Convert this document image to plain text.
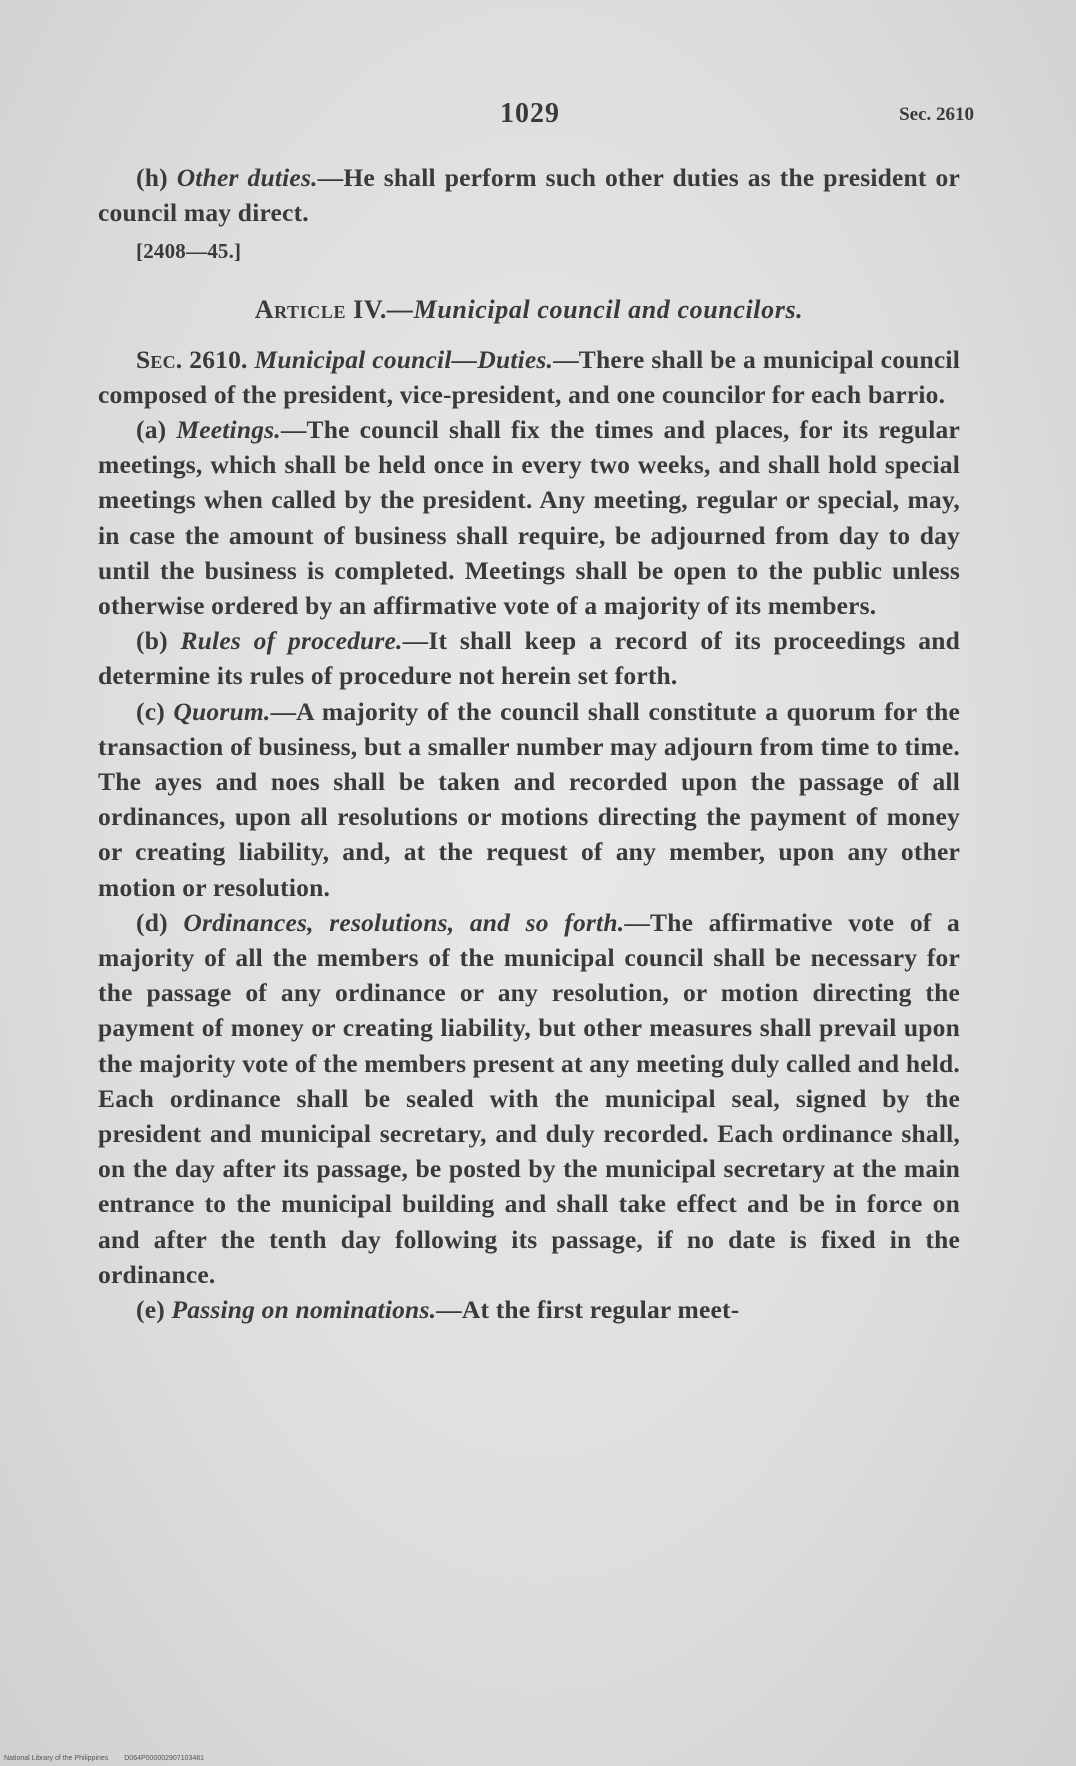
1029	Sec. 2610

(h) Other duties.—He shall perform such other duties as the president or council may direct.

[2408—45.]

Article IV.—Municipal council and councilors.

Sec. 2610. Municipal council—Duties.—There shall be a municipal council composed of the president, vice-president, and one councilor for each barrio.

(a) Meetings.—The council shall fix the times and places, for its regular meetings, which shall be held once in every two weeks, and shall hold special meetings when called by the president. Any meeting, regular or special, may, in case the amount of business shall require, be adjourned from day to day until the business is completed. Meetings shall be open to the public unless otherwise ordered by an affirmative vote of a majority of its members.

(b) Rules of procedure.—It shall keep a record of its proceedings and determine its rules of procedure not herein set forth.

(c) Quorum.—A majority of the council shall constitute a quorum for the transaction of business, but a smaller number may adjourn from time to time. The ayes and noes shall be taken and recorded upon the passage of all ordinances, upon all resolutions or motions directing the payment of money or creating liability, and, at the request of any member, upon any other motion or resolution.

(d) Ordinances, resolutions, and so forth.—The affirmative vote of a majority of all the members of the municipal council shall be necessary for the passage of any ordinance or any resolution, or motion directing the payment of money or creating liability, but other measures shall prevail upon the majority vote of the members present at any meeting duly called and held. Each ordinance shall be sealed with the municipal seal, signed by the president and municipal secretary, and duly recorded. Each ordinance shall, on the day after its passage, be posted by the municipal secretary at the main entrance to the municipal building and shall take effect and be in force on and after the tenth day following its passage, if no date is fixed in the ordinance.

(e) Passing on nominations.—At the first regular meet-

National Library of the Philippines D064P000002907103481
